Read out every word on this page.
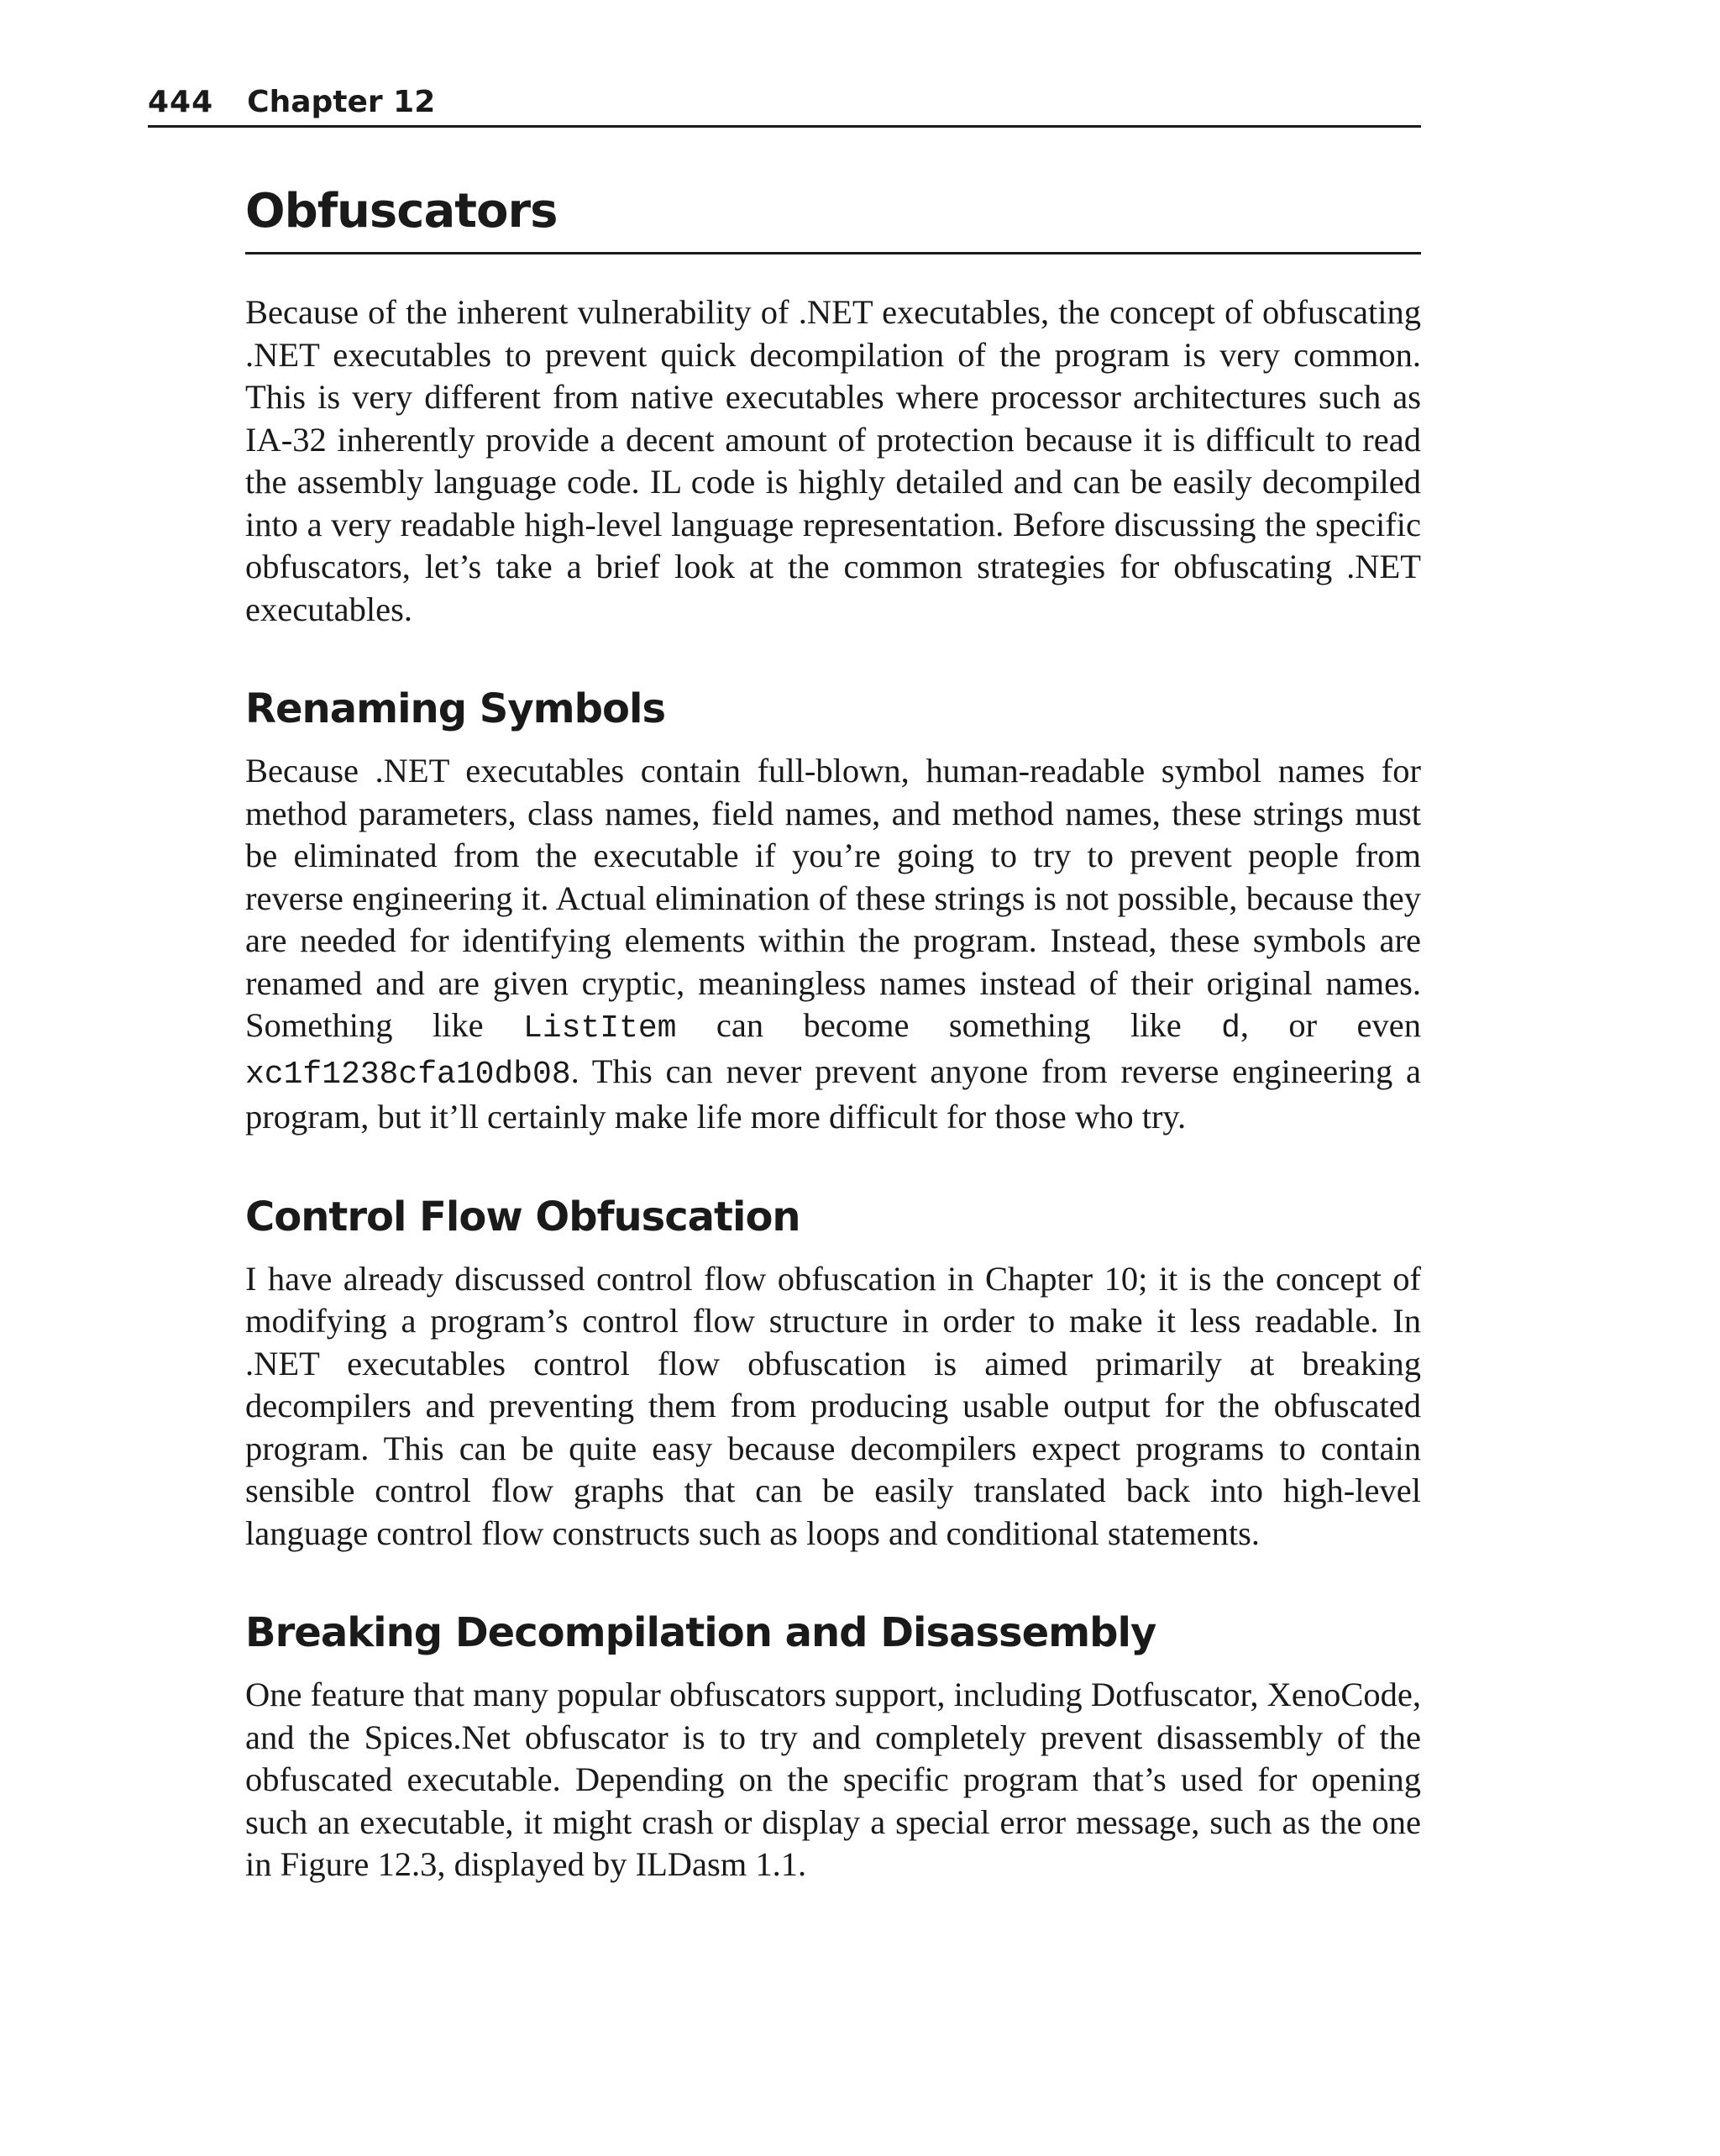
444 Chapter 12
Obfuscators

Because of the inherent vulnerability of .NET executables, the concept of obfuscating .NET executables to prevent quick decompilation of the program is very common. This is very different from native executables where processor architectures such as IA-32 inherently provide a decent amount of protection because it is difficult to read the assembly language code. IL code is highly detailed and can be easily decompiled into a very readable high-level language representation. Before discussing the specific obfuscators, let’s take a brief look at the common strategies for obfuscating .NET executables.

Renaming Symbols

Because .NET executables contain full-blown, human-readable symbol names for method parameters, class names, field names, and method names, these strings must be eliminated from the executable if you’re going to try to prevent people from reverse engineering it. Actual elimination of these strings is not possible, because they are needed for identifying elements within the program. Instead, these symbols are renamed and are given cryptic, meaningless names instead of their original names. Something like ListItem can become something like d, or even xc1f1238cfa10db08. This can never prevent anyone from reverse engineering a program, but it’ll certainly make life more difficult for those who try.

Control Flow Obfuscation

I have already discussed control flow obfuscation in Chapter 10; it is the concept of modifying a program’s control flow structure in order to make it less readable. In .NET executables control flow obfuscation is aimed primarily at breaking decompilers and preventing them from producing usable output for the obfuscated program. This can be quite easy because decompilers expect programs to contain sensible control flow graphs that can be easily translated back into high-level language control flow constructs such as loops and conditional statements.

Breaking Decompilation and Disassembly

One feature that many popular obfuscators support, including Dotfuscator, XenoCode, and the Spices.Net obfuscator is to try and completely prevent disassembly of the obfuscated executable. Depending on the specific program that’s used for opening such an executable, it might crash or display a special error message, such as the one in Figure 12.3, displayed by ILDasm 1.1.
